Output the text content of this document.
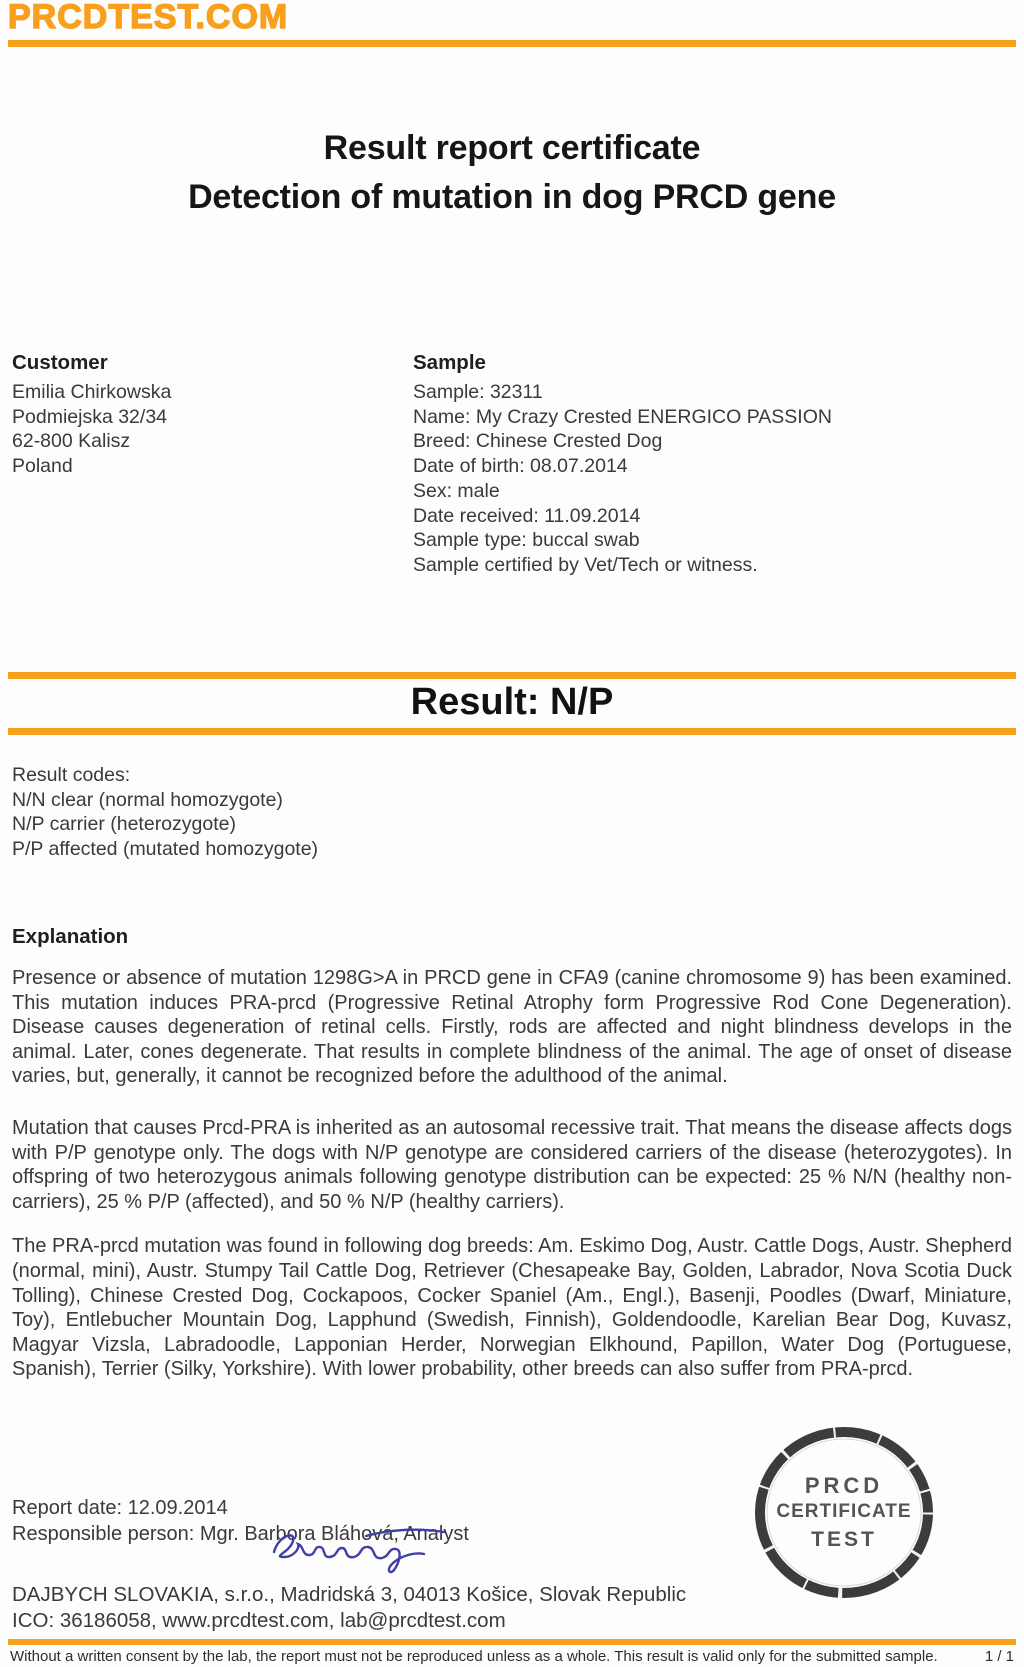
PRCDTEST.COM
Result report certificate
Detection of mutation in dog PRCD gene
Customer
Emilia Chirkowska
Podmiejska 32/34
62-800 Kalisz
Poland
Sample
Sample: 32311
Name: My Crazy Crested ENERGICO PASSION
Breed: Chinese Crested Dog
Date of birth: 08.07.2014
Sex: male
Date received: 11.09.2014
Sample type: buccal swab
Sample certified by Vet/Tech or witness.
Result: N/P
Result codes:
N/N clear (normal homozygote)
N/P carrier (heterozygote)
P/P affected (mutated homozygote)
Explanation

Presence or absence of mutation 1298G>A in PRCD gene in CFA9 (canine chromosome 9) has been examined. This mutation induces PRA-prcd (Progressive Retinal Atrophy form Progressive Rod Cone Degeneration). Disease causes degeneration of retinal cells. Firstly, rods are affected and night blindness develops in the animal. Later, cones degenerate. That results in complete blindness of the animal. The age of onset of disease varies, but, generally, it cannot be recognized before the adulthood of the animal.

Mutation that causes Prcd-PRA is inherited as an autosomal recessive trait. That means the disease affects dogs with P/P genotype only. The dogs with N/P genotype are considered carriers of the disease (heterozygotes). In offspring of two heterozygous animals following genotype distribution can be expected: 25 % N/N (healthy non-carriers), 25 % P/P (affected), and 50 % N/P (healthy carriers).

The PRA-prcd mutation was found in following dog breeds: Am. Eskimo Dog, Austr. Cattle Dogs, Austr. Shepherd (normal, mini), Austr. Stumpy Tail Cattle Dog, Retriever (Chesapeake Bay, Golden, Labrador, Nova Scotia Duck Tolling), Chinese Crested Dog, Cockapoos, Cocker Spaniel (Am., Engl.), Basenji, Poodles (Dwarf, Miniature, Toy), Entlebucher Mountain Dog, Lapphund (Swedish, Finnish), Goldendoodle, Karelian Bear Dog, Kuvasz, Magyar Vizsla, Labradoodle, Lapponian Herder, Norwegian Elkhound, Papillon, Water Dog (Portuguese, Spanish), Terrier (Silky, Yorkshire). With lower probability, other breeds can also suffer from PRA-prcd.

Report date: 12.09.2014
Responsible person: Mgr. Barbora Bláhová, Analyst
PRCD
CERTIFICATE
TEST
DAJBYCH SLOVAKIA, s.r.o., Madridská 3, 04013 Košice, Slovak Republic
ICO: 36186058, www.prcdtest.com, lab@prcdtest.com
Without a written consent by the lab, the report must not be reproduced unless as a whole. This result is valid only for the submitted sample.	1 / 1
